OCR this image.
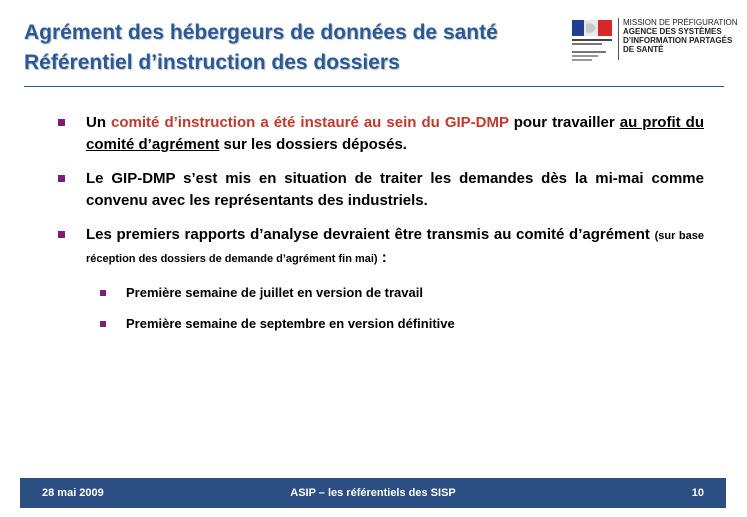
Agrément des hébergeurs de données de santé
Référentiel d’instruction des dossiers
MISSION DE PRÉFIGURATION
AGENCE DES SYSTÈMES
D’INFORMATION PARTAGÉS
DE SANTÉ
Un comité d’instruction a été instauré au sein du GIP-DMP pour travailler au profit du comité d’agrément sur les dossiers déposés.
Le GIP-DMP s’est mis en situation de traiter les demandes dès la mi-mai comme convenu avec les représentants des industriels.
Les premiers rapports d’analyse devraient être transmis au comité d’agrément (sur base réception des dossiers de demande d’agrément fin mai) :
Première semaine de juillet en version de travail
Première semaine de septembre en version définitive
28 mai 2009	ASIP – les référentiels des SISP	10
